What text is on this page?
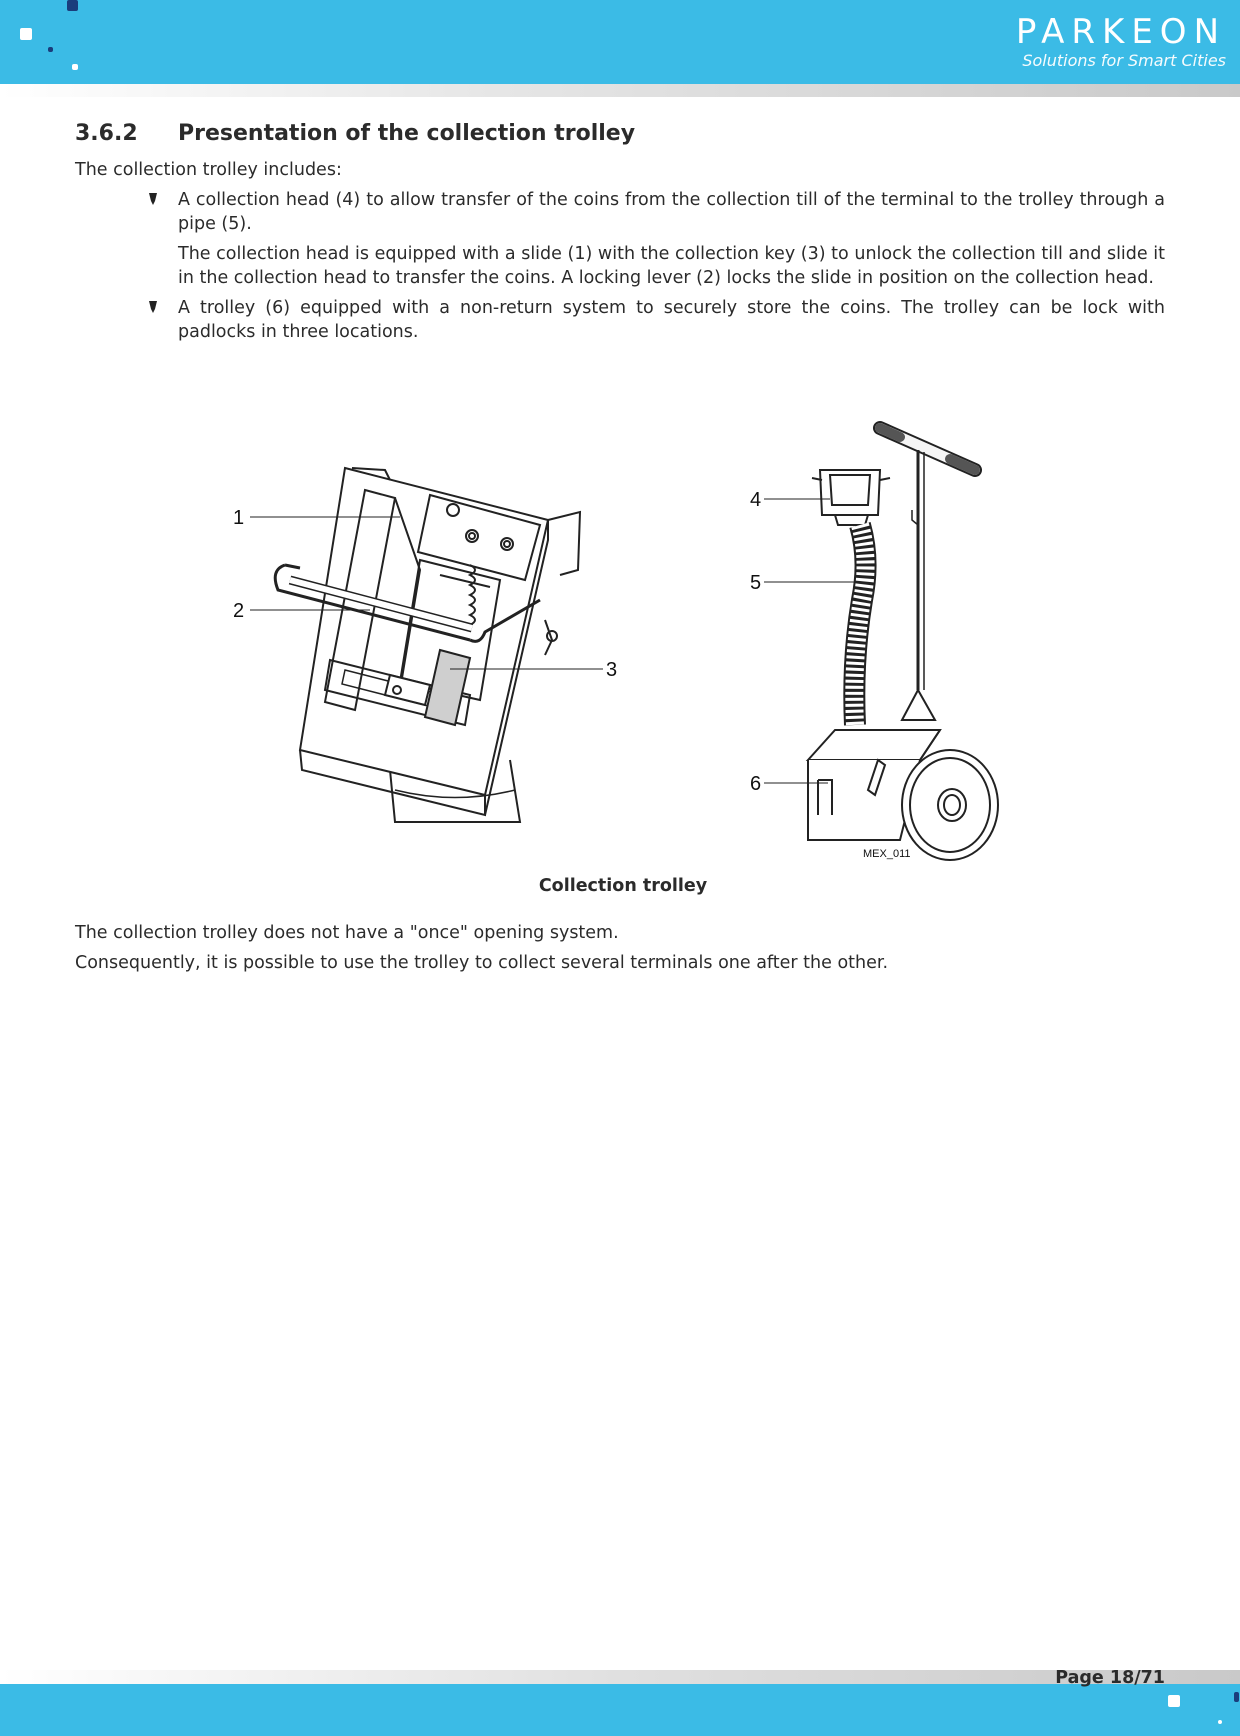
PARKEON
Solutions for Smart Cities
3.6.2	Presentation of the collection trolley

The collection trolley includes:

A collection head (4) to allow transfer of the coins from the collection till of the terminal to the trolley through a pipe (5).

The collection head is equipped with a slide (1) with the collection key (3) to unlock the collection till and slide it in the collection head to transfer the coins. A locking lever (2) locks the slide in position on the collection head.

A trolley (6) equipped with a non-return system to securely store the coins. The trolley can be lock with padlocks in three locations.
1
2
3
4
5
6
MEX_011
Collection trolley

The collection trolley does not have a "once" opening system.

Consequently, it is possible to use the trolley to collect several terminals one after the other.

Page 18/71
